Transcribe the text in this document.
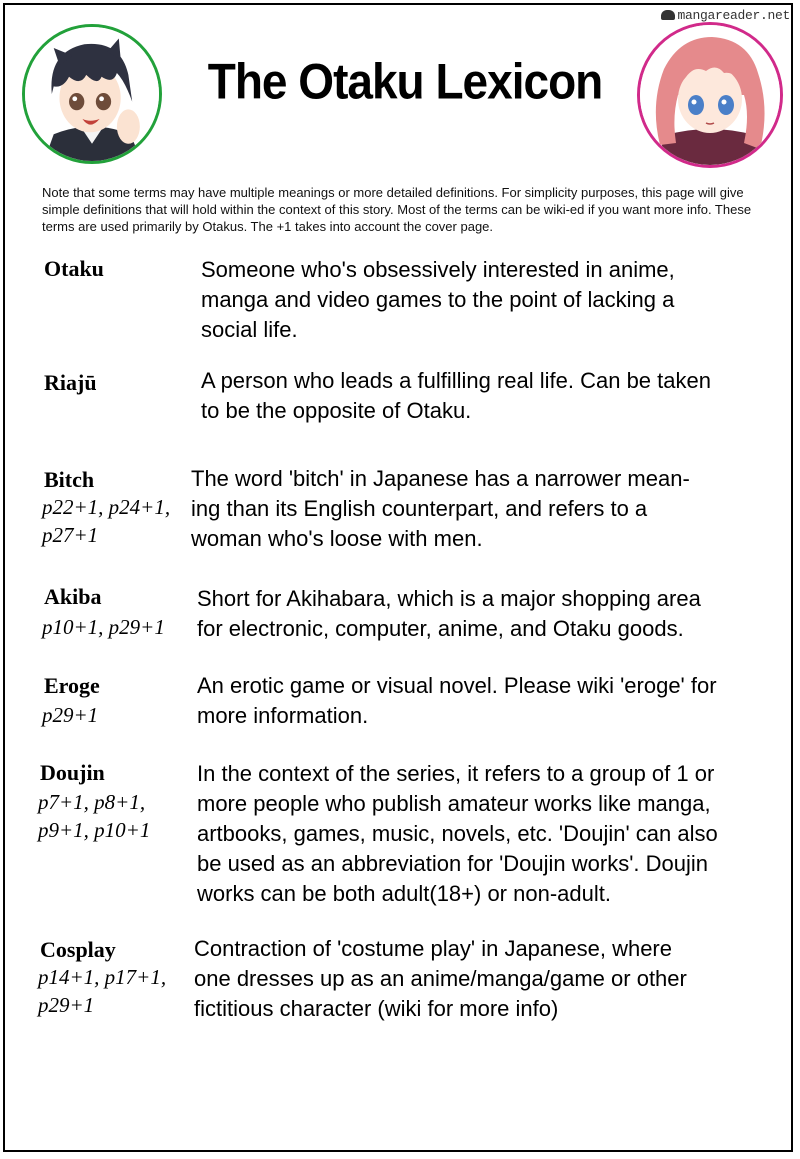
mangareader.net
The Otaku Lexicon
Note that some terms may have multiple meanings or more detailed definitions. For simplicity purposes, this page will give simple definitions that will hold within the context of this story. Most of the terms can be wiki-ed if you want more info. These terms are used primarily by Otakus. The +1 takes into account the cover page.
Otaku	Someone who's obsessively interested in anime,
manga and video games to the point of lacking a
social life.
Riajū	A person who leads a fulfilling real life. Can be taken
to be the opposite of Otaku.
Bitch
p22+1, p24+1,
p27+1
The word 'bitch' in Japanese has a narrower mean-
ing than its English counterpart, and refers to a
woman who's loose with men.
Akiba
p10+1, p29+1
Short for Akihabara, which is a major shopping area
for electronic, computer, anime, and Otaku goods.
Eroge
p29+1
An erotic game or visual novel. Please wiki 'eroge' for
more information.
Doujin
p7+1, p8+1,
p9+1, p10+1
In the context of the series, it refers to a group of 1 or
more people who publish amateur works like manga,
artbooks, games, music, novels, etc. 'Doujin' can also
be used as an abbreviation for 'Doujin works'. Doujin
works can be both adult(18+) or non-adult.
Cosplay
p14+1, p17+1,
p29+1
Contraction of 'costume play' in Japanese, where
one dresses up as an anime/manga/game or other
fictitious character (wiki for more info)
